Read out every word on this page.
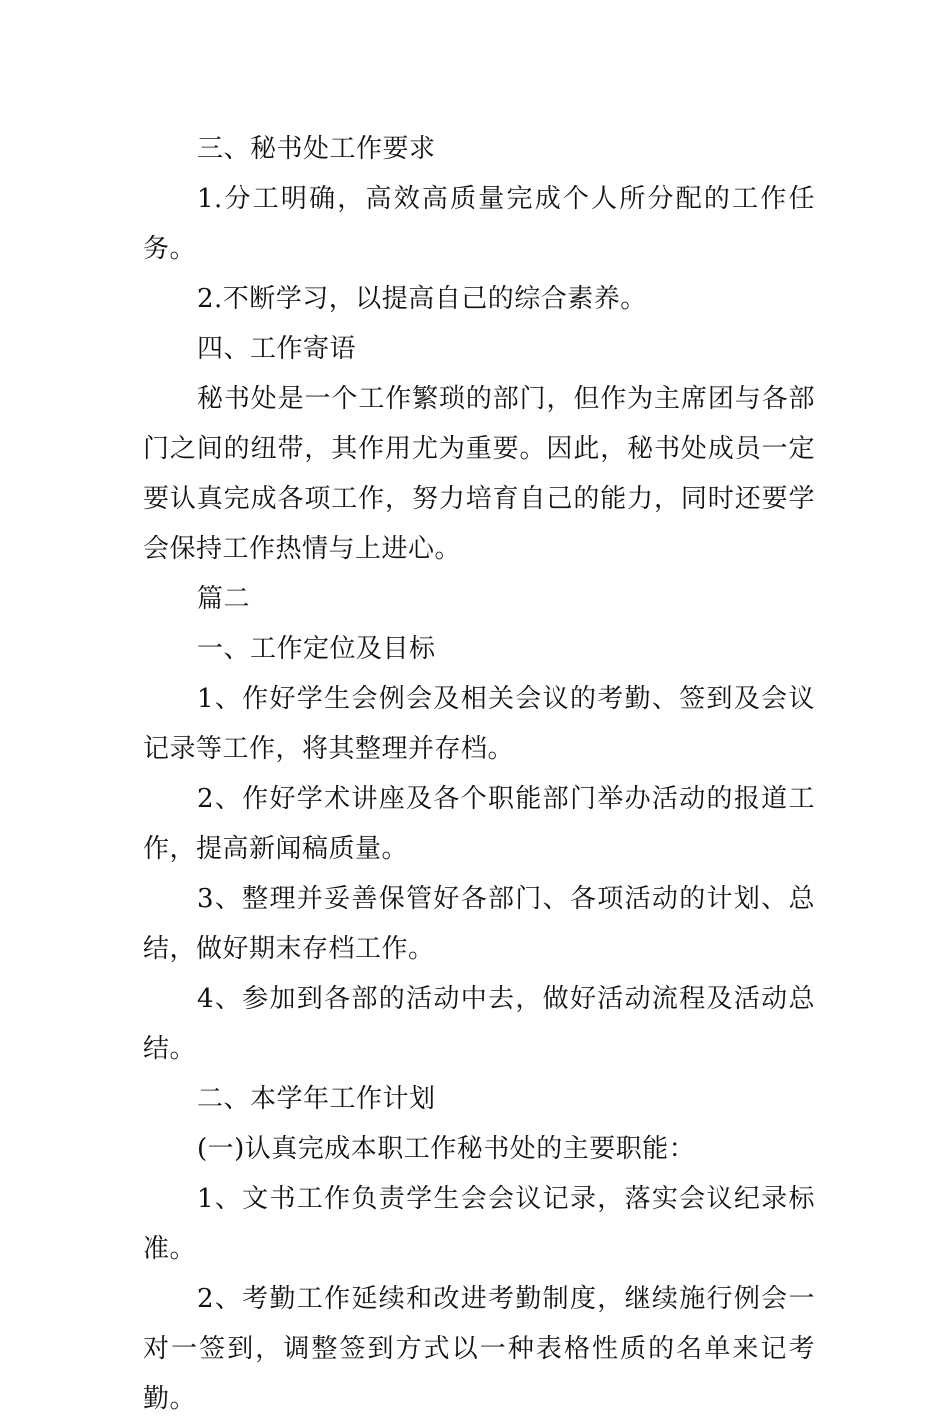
三、秘书处工作要求

1.分工明确，高效高质量完成个人所分配的工作任务。

2.不断学习，以提高自己的综合素养。

四、工作寄语

秘书处是一个工作繁琐的部门，但作为主席团与各部门之间的纽带，其作用尤为重要。因此，秘书处成员一定要认真完成各项工作，努力培育自己的能力，同时还要学会保持工作热情与上进心。

篇二

一、工作定位及目标

1、作好学生会例会及相关会议的考勤、签到及会议记录等工作，将其整理并存档。

2、作好学术讲座及各个职能部门举办活动的报道工作，提高新闻稿质量。

3、整理并妥善保管好各部门、各项活动的计划、总结，做好期末存档工作。

4、参加到各部的活动中去，做好活动流程及活动总结。

二、本学年工作计划

(一)认真完成本职工作秘书处的主要职能：

1、文书工作负责学生会会议记录，落实会议纪录标准。

2、考勤工作延续和改进考勤制度，继续施行例会一对一签到，调整签到方式以一种表格性质的名单来记考勤。
